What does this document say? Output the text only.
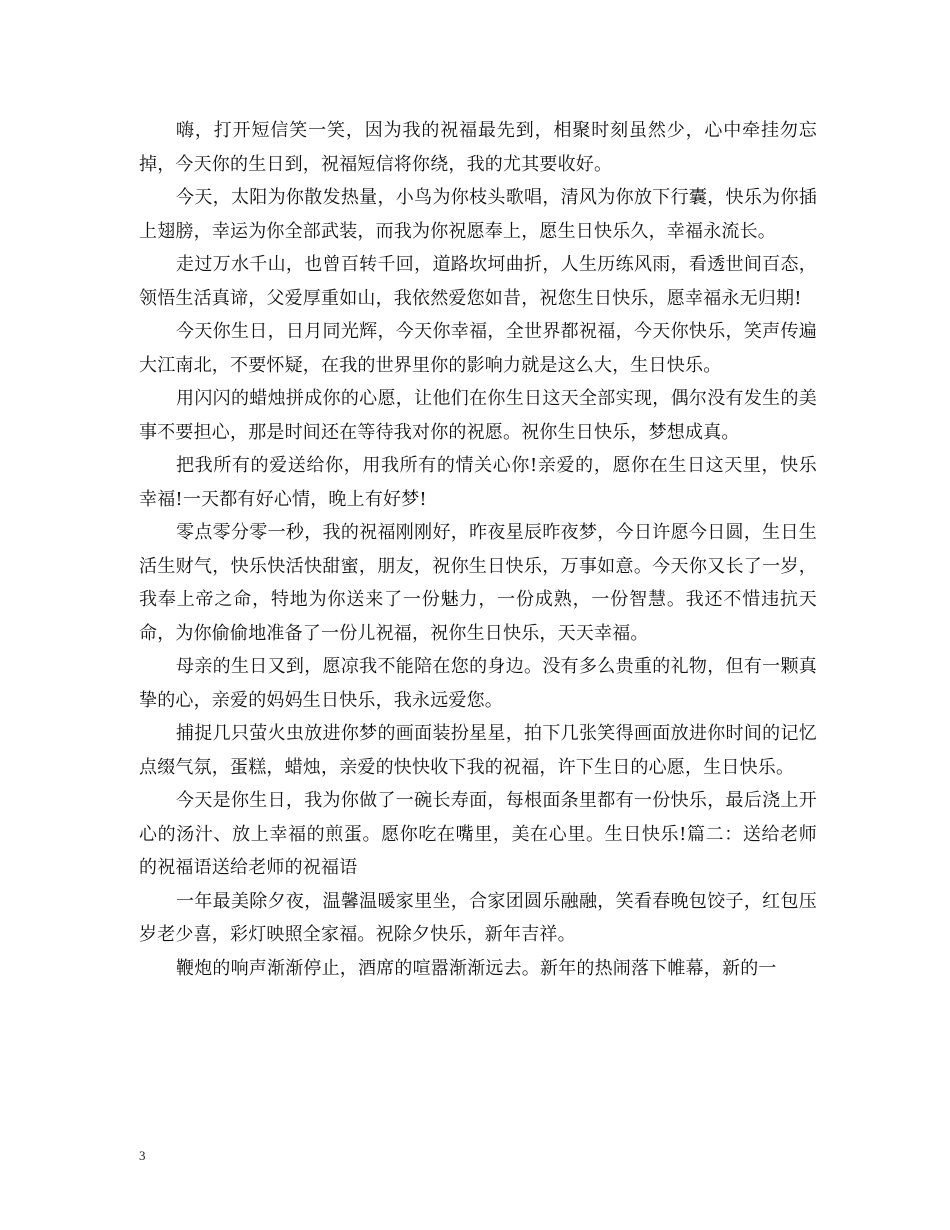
嗨，打开短信笑一笑，因为我的祝福最先到，相聚时刻虽然少，心中牵挂勿忘掉，今天你的生日到，祝福短信将你绕，我的尤其要收好。

今天，太阳为你散发热量，小鸟为你枝头歌唱，清风为你放下行囊，快乐为你插上翅膀，幸运为你全部武装，而我为你祝愿奉上，愿生日快乐久，幸福永流长。

走过万水千山，也曾百转千回，道路坎坷曲折，人生历练风雨，看透世间百态，领悟生活真谛，父爱厚重如山，我依然爱您如昔，祝您生日快乐，愿幸福永无归期!

今天你生日，日月同光辉，今天你幸福，全世界都祝福，今天你快乐，笑声传遍大江南北，不要怀疑，在我的世界里你的影响力就是这么大，生日快乐。

用闪闪的蜡烛拼成你的心愿，让他们在你生日这天全部实现，偶尔没有发生的美事不要担心，那是时间还在等待我对你的祝愿。祝你生日快乐，梦想成真。

把我所有的爱送给你，用我所有的情关心你!亲爱的，愿你在生日这天里，快乐幸福!一天都有好心情，晚上有好梦!

零点零分零一秒，我的祝福刚刚好，昨夜星辰昨夜梦，今日许愿今日圆，生日生活生财气，快乐快活快甜蜜，朋友，祝你生日快乐，万事如意。今天你又长了一岁，我奉上帝之命，特地为你送来了一份魅力，一份成熟，一份智慧。我还不惜违抗天命，为你偷偷地准备了一份儿祝福，祝你生日快乐，天天幸福。

母亲的生日又到，愿凉我不能陪在您的身边。没有多么贵重的礼物，但有一颗真挚的心，亲爱的妈妈生日快乐，我永远爱您。

捕捉几只萤火虫放进你梦的画面装扮星星，拍下几张笑得画面放进你时间的记忆点缀气氛，蛋糕，蜡烛，亲爱的快快收下我的祝福，许下生日的心愿，生日快乐。

今天是你生日，我为你做了一碗长寿面，每根面条里都有一份快乐，最后浇上开心的汤汁、放上幸福的煎蛋。愿你吃在嘴里，美在心里。生日快乐!篇二：送给老师的祝福语送给老师的祝福语

一年最美除夕夜，温馨温暖家里坐，合家团圆乐融融，笑看春晚包饺子，红包压岁老少喜，彩灯映照全家福。祝除夕快乐，新年吉祥。

鞭炮的响声渐渐停止，酒席的喧嚣渐渐远去。新年的热闹落下帷幕，新的一

3
